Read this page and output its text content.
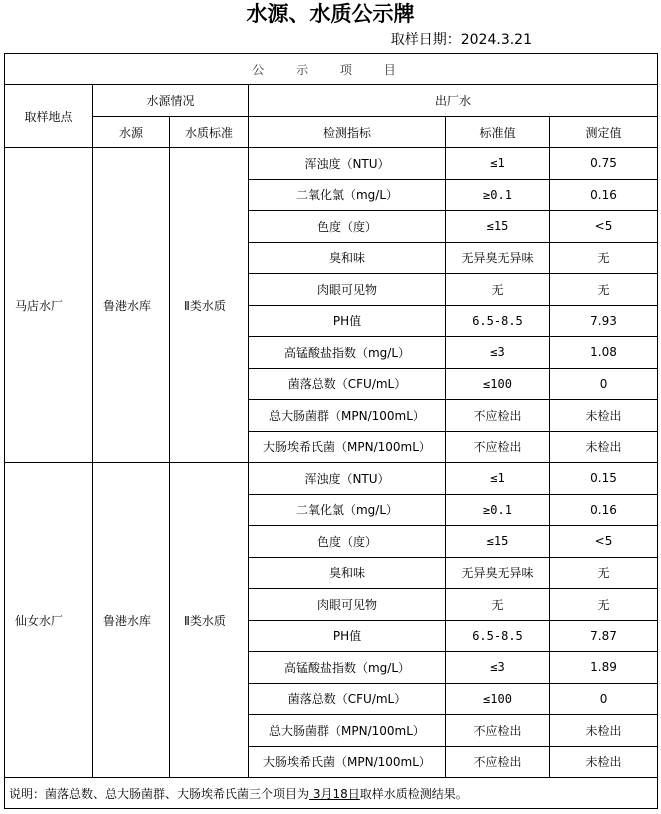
水源、水质公示牌
取样日期：2024.3.21
公 示 项 目					
取样地点	水源情况		出厂水		
	水源	水质标准	检测指标	标准值	测定值
马店水厂	鲁港水库	Ⅱ类水质	浑浊度（NTU）	≤1	0.75
			二氧化氯（mg/L）	≥0.1	0.16
			色度（度）	≤15	<5
			臭和味	无异臭无异味	无
			肉眼可见物	无	无
			PH值	6.5-8.5	7.93
			高锰酸盐指数（mg/L）	≤3	1.08
			菌落总数（CFU/mL）	≤100	0
			总大肠菌群（MPN/100mL）	不应检出	未检出
			大肠埃希氏菌（MPN/100mL）	不应检出	未检出
仙女水厂	鲁港水库	Ⅱ类水质	浑浊度（NTU）	≤1	0.15
			二氧化氯（mg/L）	≥0.1	0.16
			色度（度）	≤15	<5
			臭和味	无异臭无异味	无
			肉眼可见物	无	无
			PH值	6.5-8.5	7.87
			高锰酸盐指数（mg/L）	≤3	1.89
			菌落总数（CFU/mL）	≤100	0
			总大肠菌群（MPN/100mL）	不应检出	未检出
			大肠埃希氏菌（MPN/100mL）	不应检出	未检出
说明：菌落总数、总大肠菌群、大肠埃希氏菌三个项目为 3月18日取样水质检测结果。					
